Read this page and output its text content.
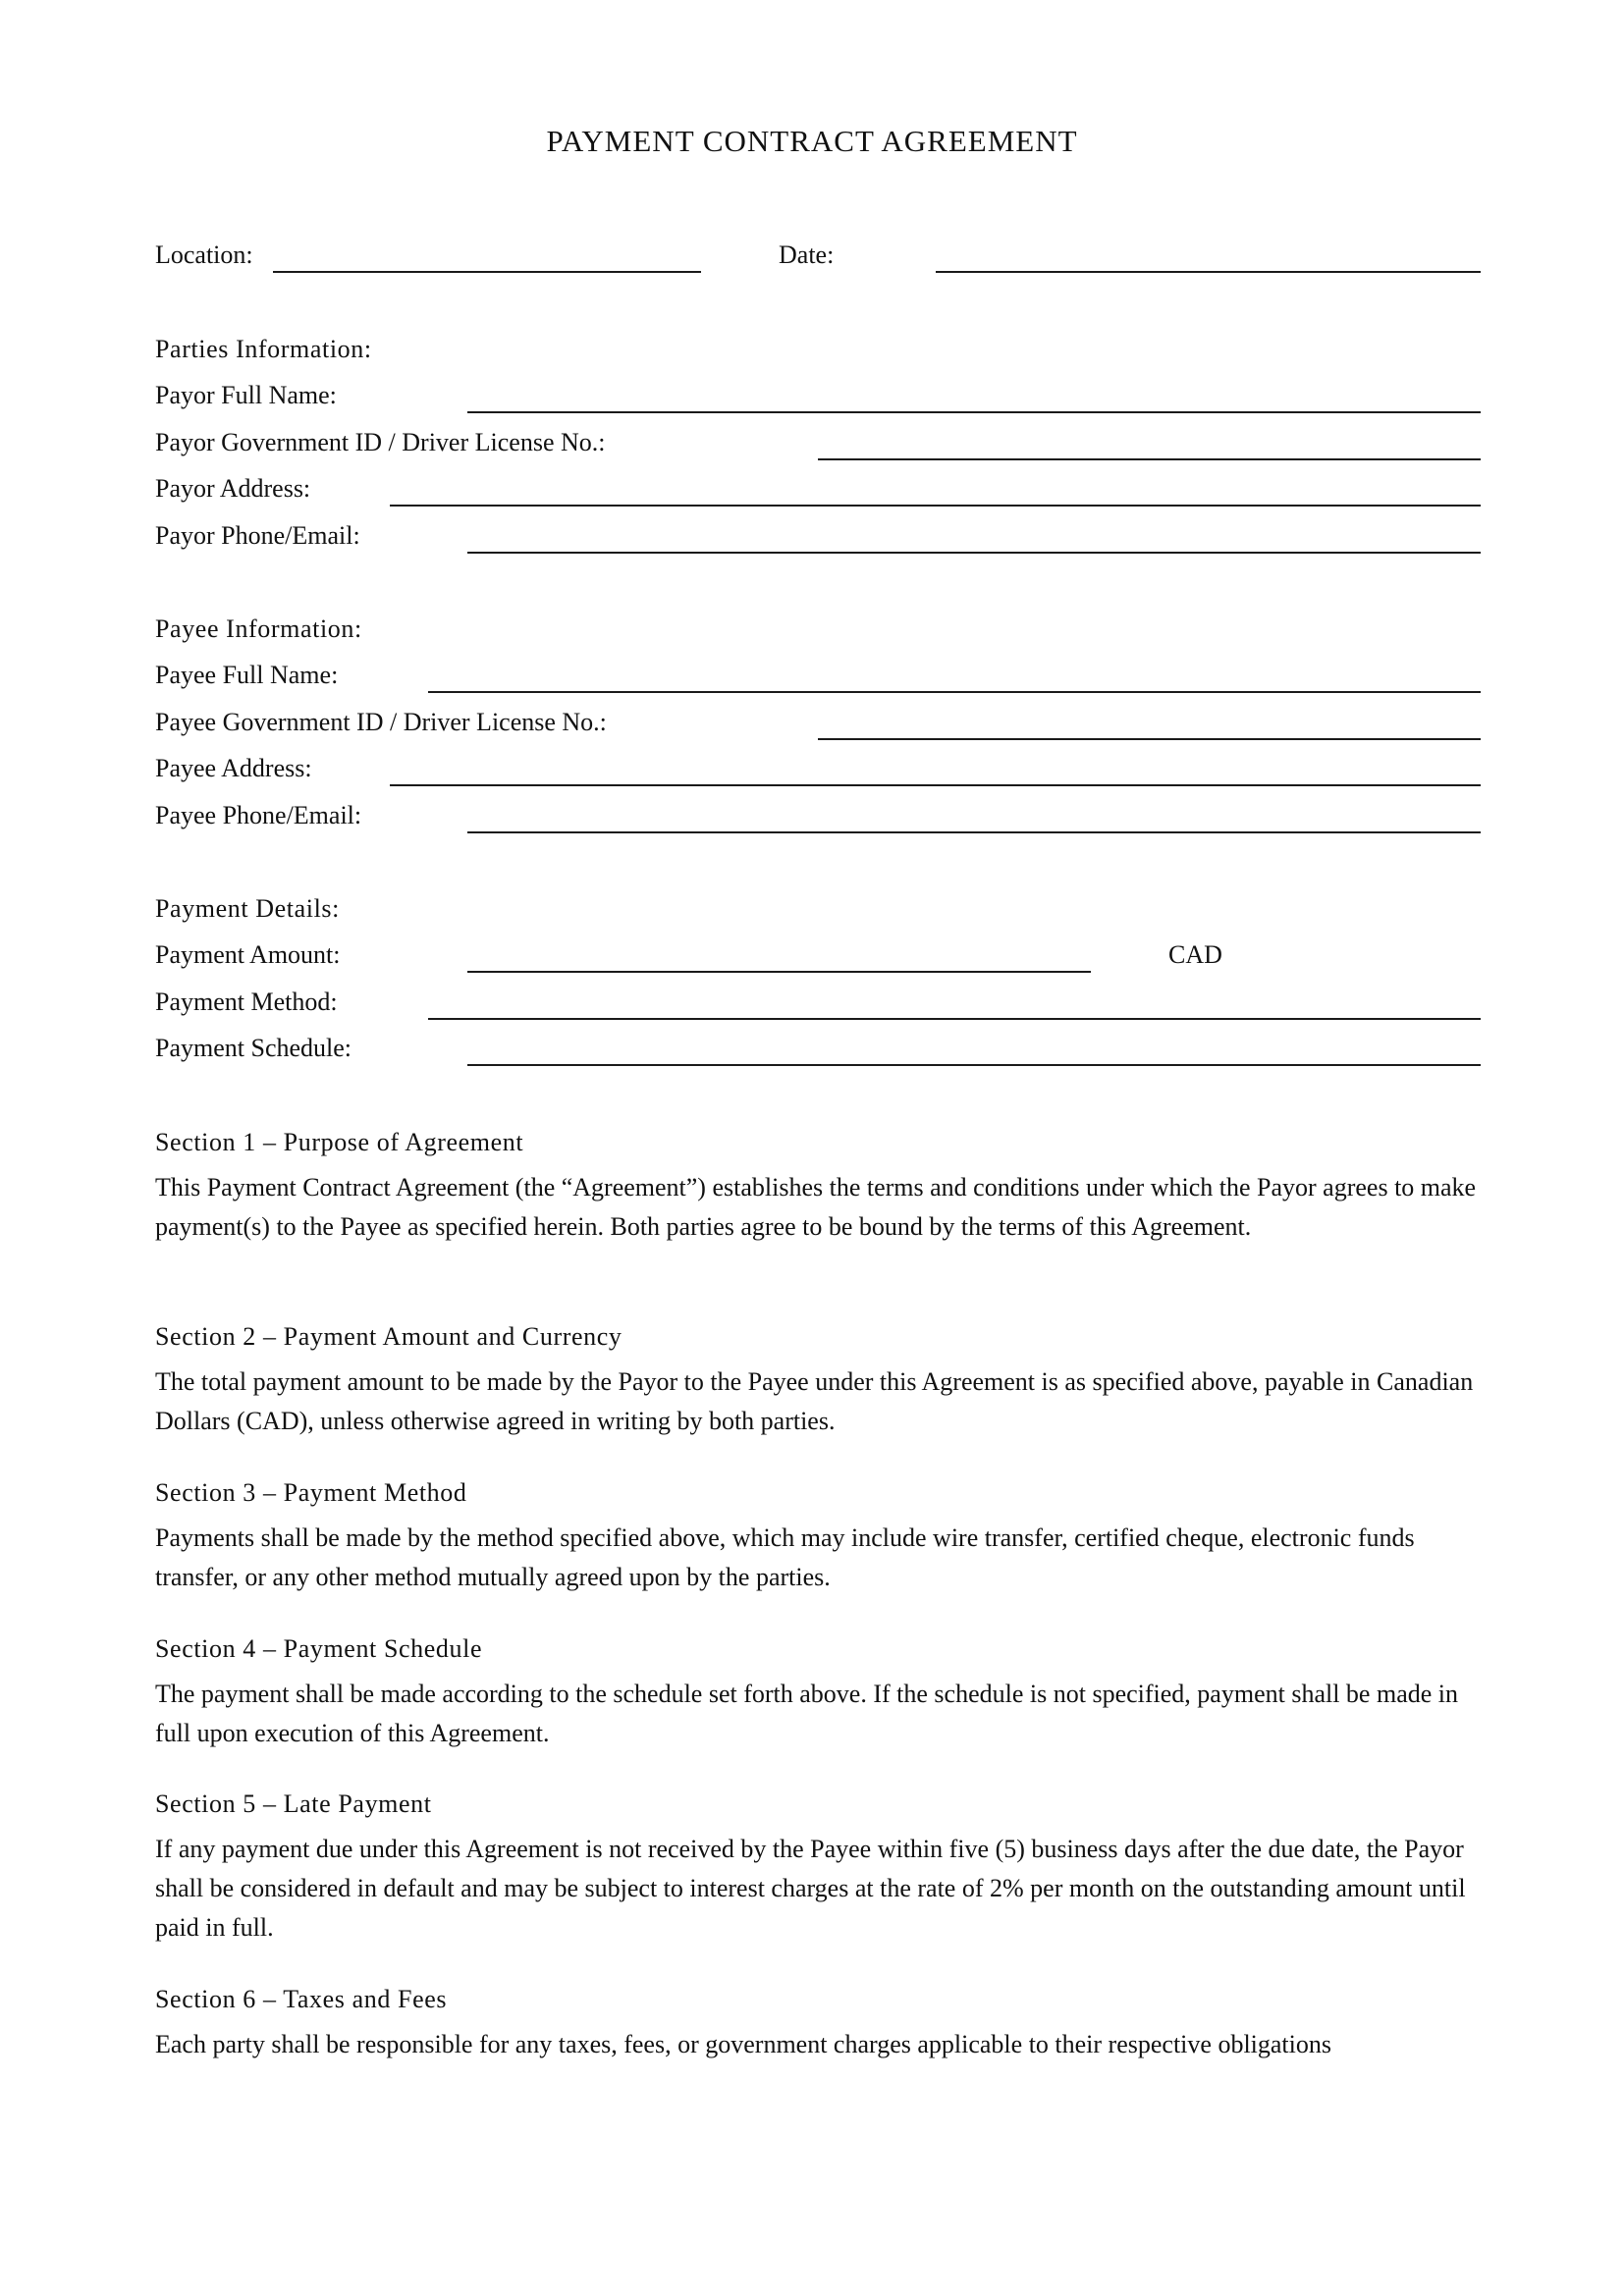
PAYMENT CONTRACT AGREEMENT
Location:	Date:
Parties Information:
Payor Full Name:
Payor Government ID / Driver License No.:
Payor Address:
Payor Phone/Email:
Payee Information:
Payee Full Name:
Payee Government ID / Driver License No.:
Payee Address:
Payee Phone/Email:
Payment Details:
Payment Amount:	CAD
Payment Method:
Payment Schedule:
Section 1 – Purpose of Agreement
This Payment Contract Agreement (the “Agreement”) establishes the terms and conditions under which the Payor agrees to make payment(s) to the Payee as specified herein. Both parties agree to be bound by the terms of this Agreement.
Section 2 – Payment Amount and Currency
The total payment amount to be made by the Payor to the Payee under this Agreement is as specified above, payable in Canadian Dollars (CAD), unless otherwise agreed in writing by both parties.
Section 3 – Payment Method
Payments shall be made by the method specified above, which may include wire transfer, certified cheque, electronic funds transfer, or any other method mutually agreed upon by the parties.
Section 4 – Payment Schedule
The payment shall be made according to the schedule set forth above. If the schedule is not specified, payment shall be made in full upon execution of this Agreement.
Section 5 – Late Payment
If any payment due under this Agreement is not received by the Payee within five (5) business days after the due date, the Payor shall be considered in default and may be subject to interest charges at the rate of 2% per month on the outstanding amount until paid in full.
Section 6 – Taxes and Fees
Each party shall be responsible for any taxes, fees, or government charges applicable to their respective obligations
